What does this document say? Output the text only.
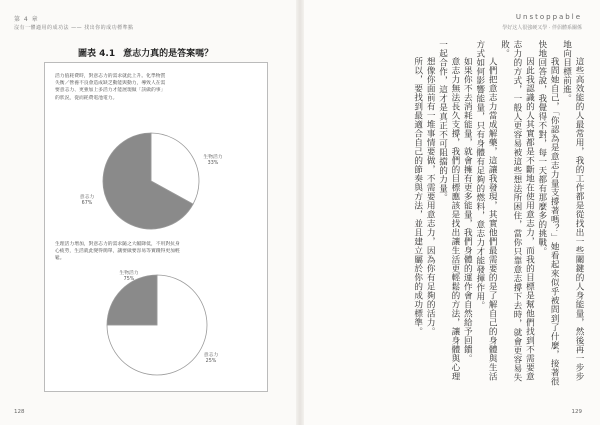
第 4 章
沒有一體適用的成功法 —— 找出你的成功標準點
圖表 4.1 意志力真的是答案嗎？
活力值耗費時，對意志力的需求就此上升。化學物質失衡／營養不良會造成缺乏動能與動力，導致人在需要意志力、更強加上多活力才能展現做「該做的事」的狀況，從而耗費電池電力。
生理活力增加，對意志力的需求隨之大幅降低，不用對抗身心疲勞，生活就此變得簡單，讓要做要容易等實踐得更加輕鬆。
生物活力
33%
意志力
67%
生物活力
75%
意志力
25%
128
Unstoppable
學好这人很強硬又學 · 伴侶體系關係
129

這些高效能的人最常用，我的工作都是從找出一些關鍵的人身能量，然後再一步步地向目標前進。

我問她自己，「你認為是意志力量支撐著嗎？」她看起來似乎被問到了什麼，接著很快地回答說，我覺得不對，每一天都有那麼多的挑戰。

因此我認識的人其實都是不斷地在使用意志力，而我的目標是幫他們找到不需要意志力的方式，一般人更容易被這些想法所困住，當你只靠意志撐下去時，就會更容易失敗。

人們把意志力當成解藥，這讓我發現，其實他們最需要的是了解自己的身體與生活方式如何影響能量，只有身體有足夠的燃料，意志力才能發揮作用。

如果你不去消耗能量，就會擁有更多能量，我們身體的運作會自然給予回饋。

意志力無法長久支撐，我們的目標應該是找出讓生活更輕鬆的方法，讓身體與心理一起合作，這才是真正不可阻擋的力量。

想像你面前有一堆事情要做，不需要用意志力，因為你有足夠的活力。

所以，要找到最適合自己的節奏與方法，並且建立屬於你的成功標準。
